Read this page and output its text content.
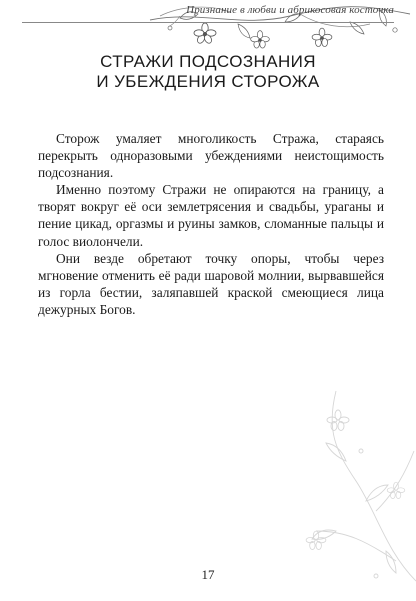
Признание в любви и абрикосовая косточка
СТРАЖИ ПОДСОЗНАНИЯ
И УБЕЖДЕНИЯ СТОРОЖА

Сторож умаляет многоликость Стража, стараясь перекрыть одноразовыми убеждениями неистощимость подсознания.

Именно поэтому Стражи не опираются на границу, а творят вокруг её оси землетрясения и свадьбы, ураганы и пение цикад, оргазмы и руины замков, сломанные пальцы и голос виолончели.

Они везде обретают точку опоры, чтобы через мгновение отменить её ради шаровой молнии, вырвавшейся из горла бестии, заляпавшей краской смеющиеся лица дежурных Богов.

17
